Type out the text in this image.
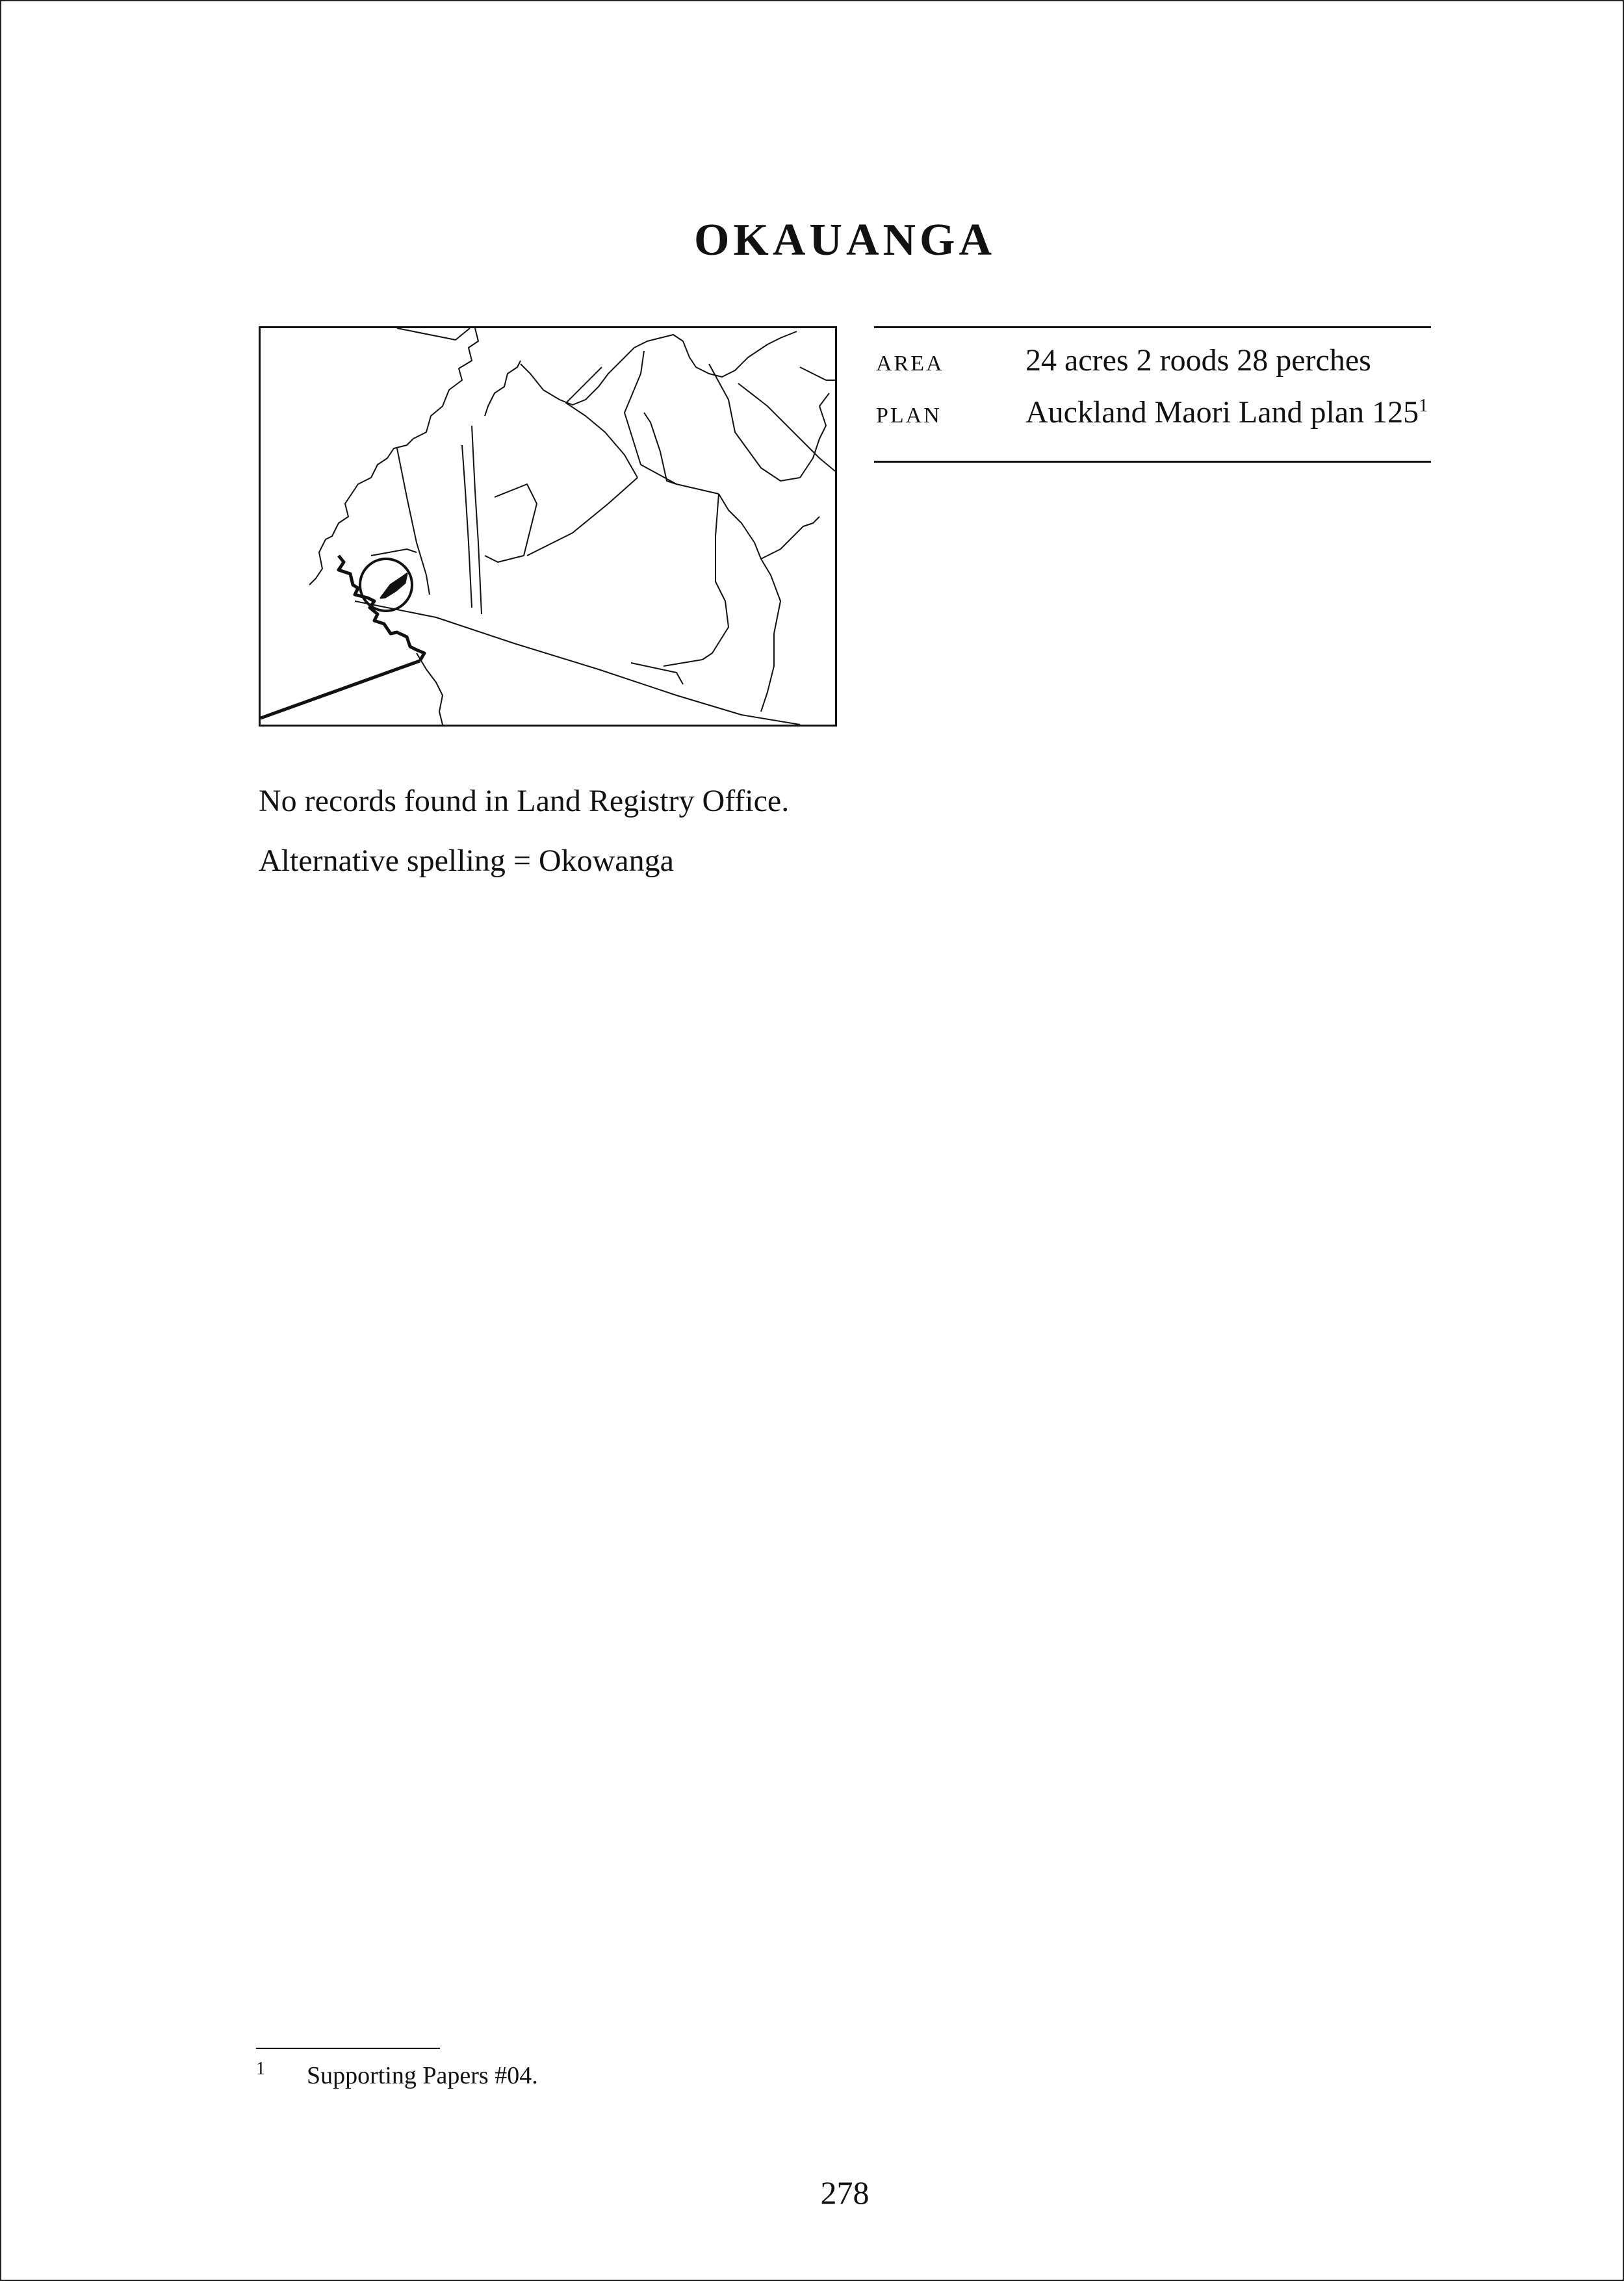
OKAUANGA
AREA	24 acres 2 roods 28 perches
PLAN	Auckland Maori Land plan $125^1$
No records found in Land Registry Office.
Alternative spelling = Okowanga
1 Supporting Papers #04.
278
